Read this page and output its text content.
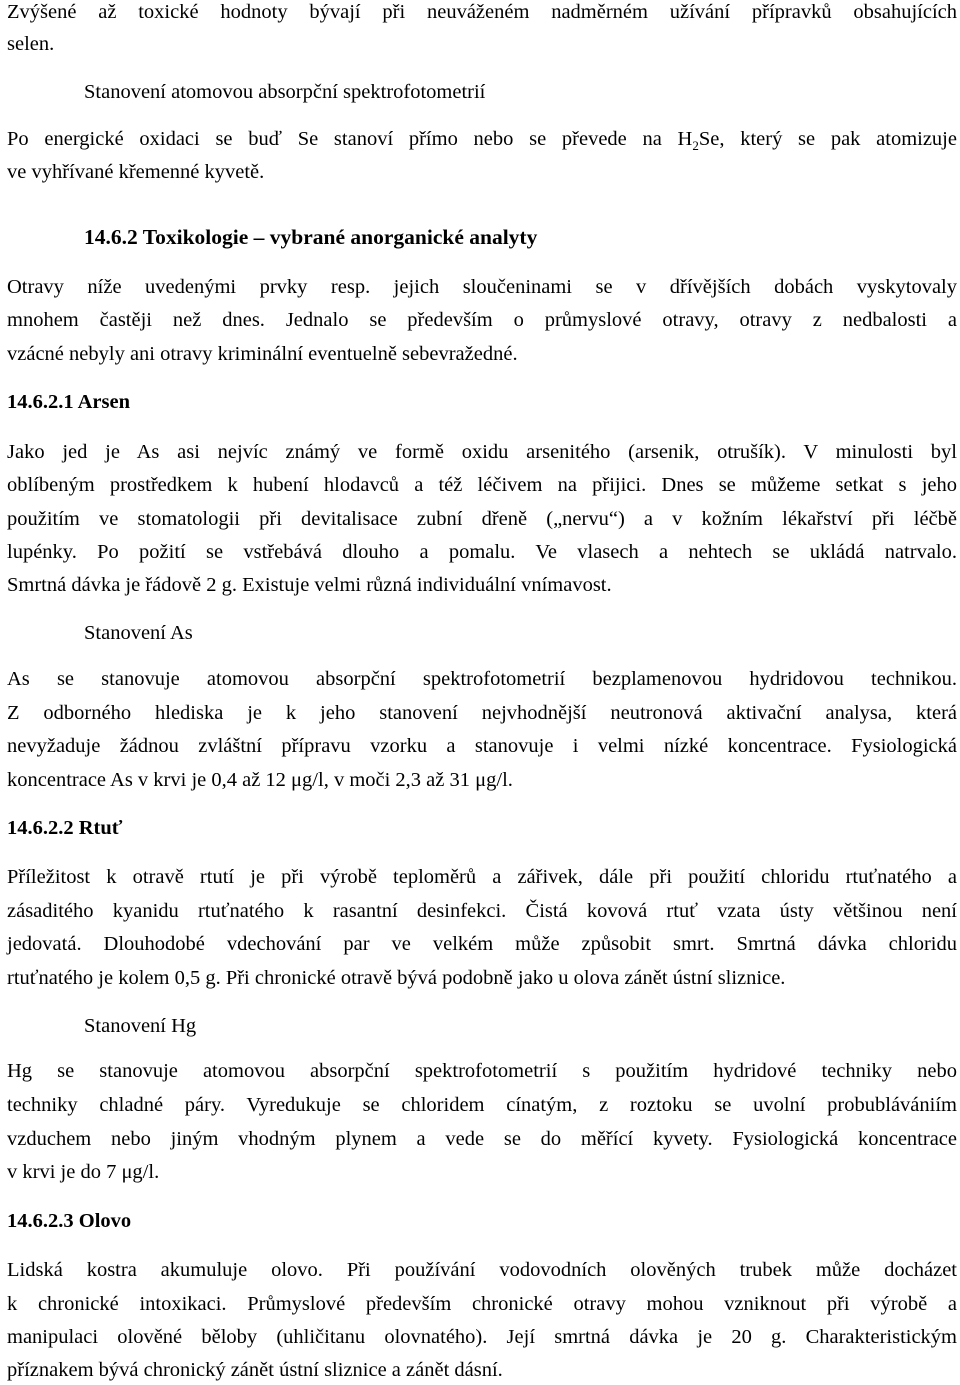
Zvýšené až toxické hodnoty bývají při neuváženém nadměrném užívání přípravků obsahujících
selen.
Stanovení atomovou absorpční spektrofotometrií
Po energické oxidaci se buď Se stanoví přímo nebo se převede na $H_2Se$, který se pak atomizuje
ve vyhřívané křemenné kyvetě.
14.6.2 Toxikologie – vybrané anorganické analyty
Otravy níže uvedenými prvky resp. jejich sloučeninami se v dřívějších dobách vyskytovaly
mnohem častěji než dnes. Jednalo se především o průmyslové otravy, otravy z nedbalosti a
vzácné nebyly ani otravy kriminální eventuelně sebevražedné.
14.6.2.1 Arsen
Jako jed je As asi nejvíc známý ve formě oxidu arsenitého (arsenik, otrušík). V minulosti byl
oblíbeným prostředkem k hubení hlodavců a též léčivem na přijici. Dnes se můžeme setkat s jeho
použitím ve stomatologii při devitalisace zubní dřeně („nervu“) a v kožním lékařství při léčbě
lupénky. Po požití se vstřebává dlouho a pomalu. Ve vlasech a nehtech se ukládá natrvalo.
Smrtná dávka je řádově 2 g. Existuje velmi různá individuální vnímavost.
Stanovení As
As se stanovuje atomovou absorpční spektrofotometrií bezplamenovou hydridovou technikou.
Z odborného hlediska je k jeho stanovení nejvhodnější neutronová aktivační analysa, která
nevyžaduje žádnou zvláštní přípravu vzorku a stanovuje i velmi nízké koncentrace. Fysiologická
koncentrace As v krvi je 0,4 až 12 μg/l, v moči 2,3 až 31 μg/l.
14.6.2.2 Rtuť
Příležitost k otravě rtutí je při výrobě teploměrů a zářivek, dále při použití chloridu rtuťnatého a
zásaditého kyanidu rtuťnatého k rasantní desinfekci. Čistá kovová rtuť vzata ústy většinou není
jedovatá. Dlouhodobé vdechování par ve velkém může způsobit smrt. Smrtná dávka chloridu
rtuťnatého je kolem 0,5 g. Při chronické otravě bývá podobně jako u olova zánět ústní sliznice.
Stanovení Hg
Hg se stanovuje atomovou absorpční spektrofotometrií s použitím hydridové techniky nebo
techniky chladné páry. Vyredukuje se chloridem cínatým, z roztoku se uvolní probublávániím
vzduchem nebo jiným vhodným plynem a vede se do měřící kyvety. Fysiologická koncentrace
v krvi je do 7 μg/l.
14.6.2.3 Olovo
Lidská kostra akumuluje olovo. Při používání vodovodních olověných trubek může docházet
k chronické intoxikaci. Průmyslové především chronické otravy mohou vzniknout při výrobě a
manipulaci olověné běloby (uhličitanu olovnatého). Její smrtná dávka je 20 g. Charakteristickým
příznakem bývá chronický zánět ústní sliznice a zánět dásní.
